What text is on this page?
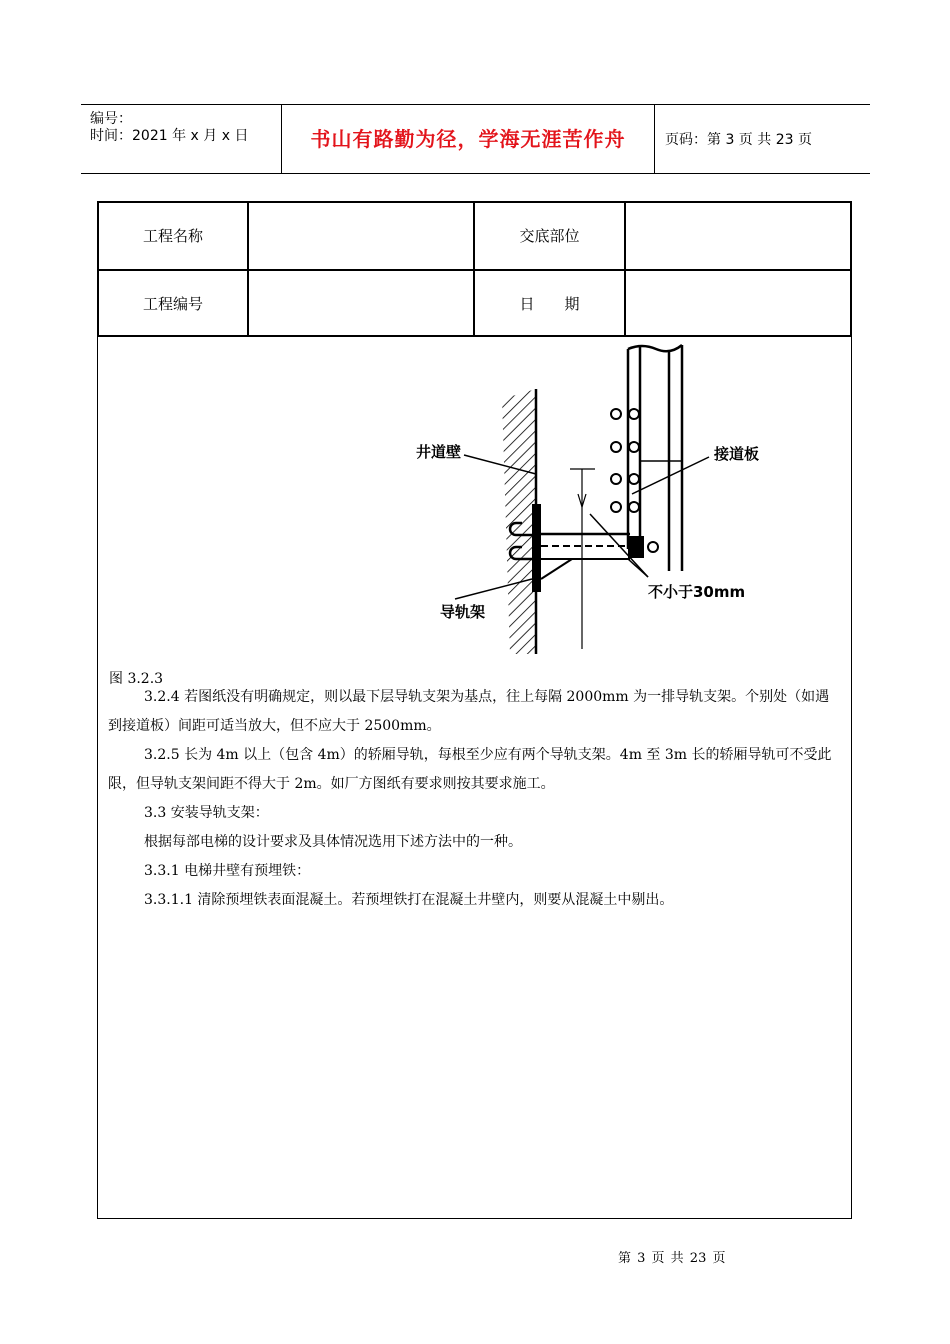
编号：
时间：2021 年 x 月 x 日	书山有路勤为径，学海无涯苦作舟	页码：第 3 页 共 23 页
工程名称	交底部位
工程编号	日　　期
井道壁	接道板
导轨架
不小于30mm
图 3.2.3
3.2.4 若图纸没有明确规定，则以最下层导轨支架为基点，往上每隔 2000mm 为一排导轨支架。个别处（如遇到接道板）间距可适当放大，但不应大于 2500mm。
3.2.5 长为 4m 以上（包含 4m）的轿厢导轨，每根至少应有两个导轨支架。4m 至 3m 长的轿厢导轨可不受此限，但导轨支架间距不得大于 2m。如厂方图纸有要求则按其要求施工。
3.3 安装导轨支架：
根据每部电梯的设计要求及具体情况选用下述方法中的一种。
3.3.1 电梯井壁有预埋铁：
3.3.1.1 清除预埋铁表面混凝土。若预埋铁打在混凝土井壁内，则要从混凝土中剔出。
第 3 页 共 23 页
